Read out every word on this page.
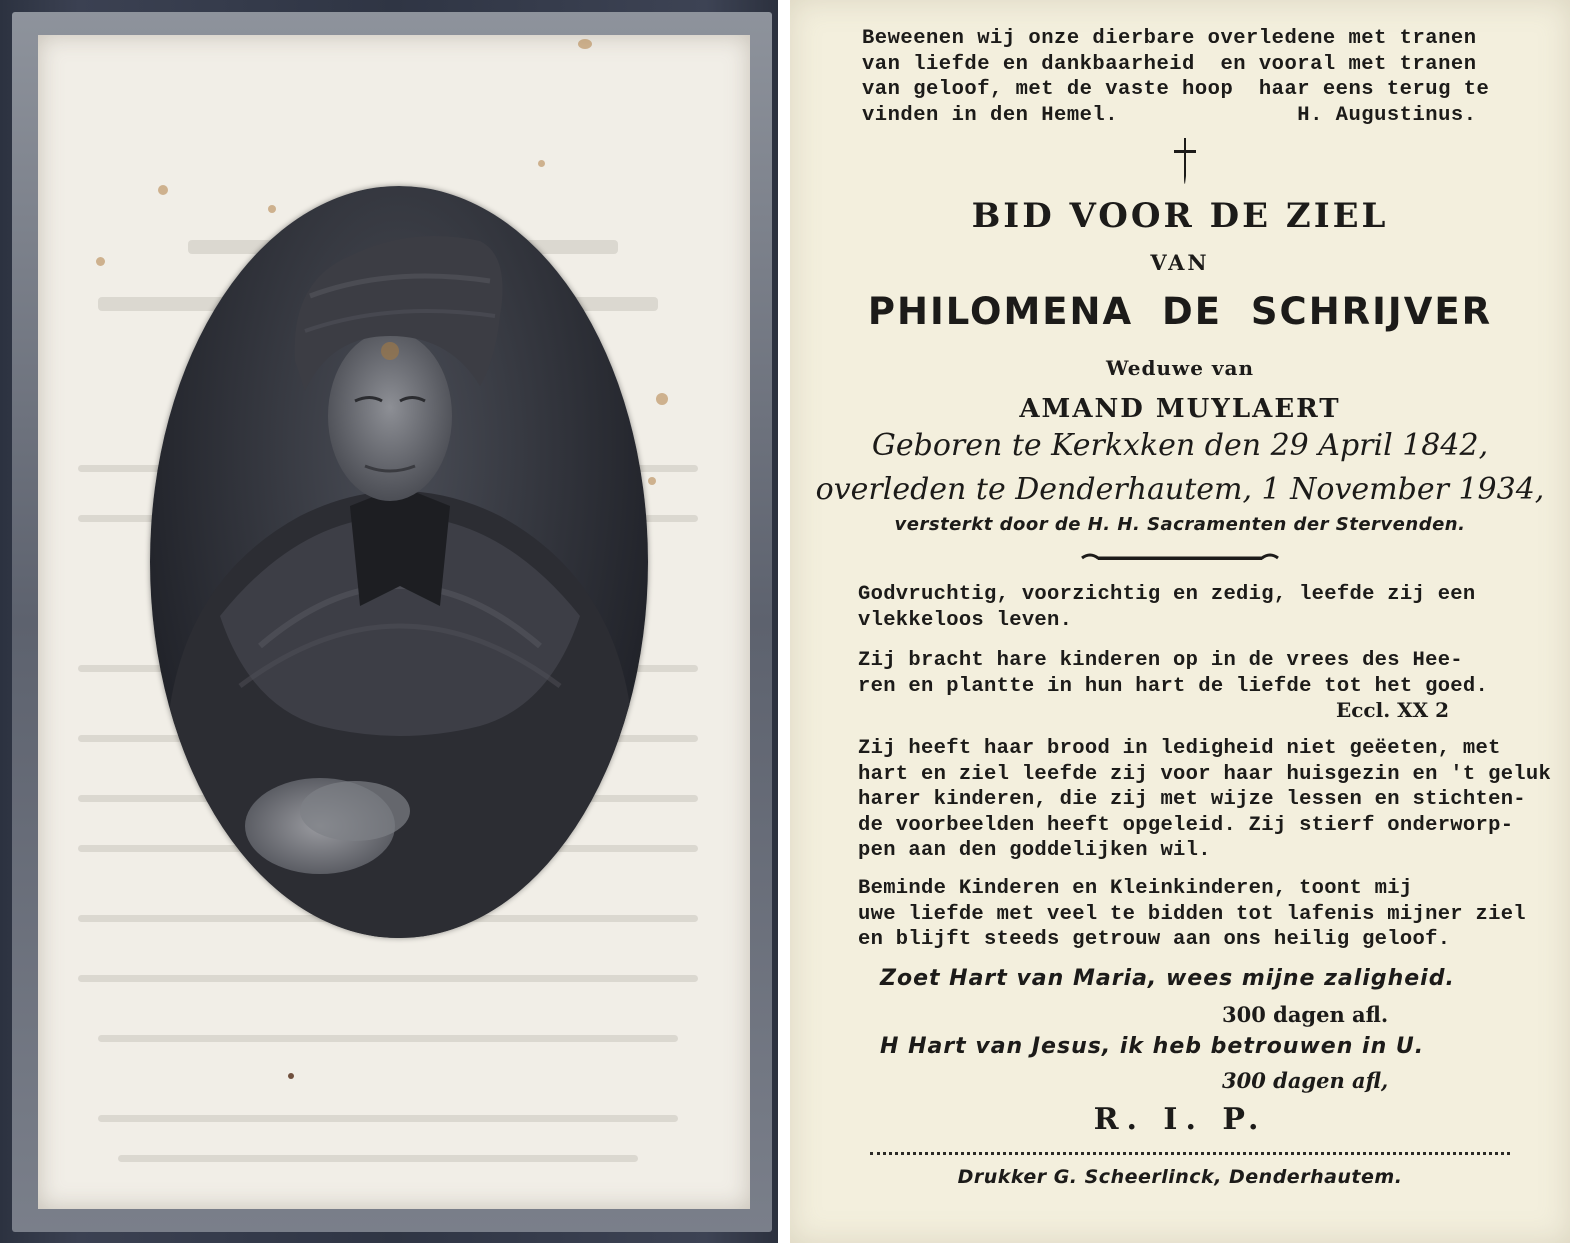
Beweenen wij onze dierbare overledene met tranen
van liefde en dankbaarheid  en vooral met tranen
van geloof, met de vaste hoop  haar eens terug te
vinden in den Hemel.              H. Augustinus.
BID VOOR DE ZIEL
VAN
PHILOMENA DE SCHRIJVER
Weduwe van
AMAND MUYLAERT
Geboren te Kerkxken den 29 April 1842,
overleden te Denderhautem, 1 November 1934,
versterkt door de H. H. Sacramenten der Stervenden.
Godvruchtig, voorzichtig en zedig, leefde zij een
vlekkeloos leven.
Zij bracht hare kinderen op in de vrees des Hee-
ren en plantte in hun hart de liefde tot het goed.
Eccl. XX 2
Zij heeft haar brood in ledigheid niet geëeten, met
hart en ziel leefde zij voor haar huisgezin en 't geluk
harer kinderen, die zij met wijze lessen en stichten-
de voorbeelden heeft opgeleid. Zij stierf onderworp-
pen aan den goddelijken wil.
Beminde Kinderen en Kleinkinderen, toont mij
uwe liefde met veel te bidden tot lafenis mijner ziel
en blijft steeds getrouw aan ons heilig geloof.
Zoet Hart van Maria, wees mijne zaligheid.
300 dagen afl.
H Hart van Jesus, ik heb betrouwen in U.
300 dagen afl,
R. I. P.
Drukker G. Scheerlinck, Denderhautem.
